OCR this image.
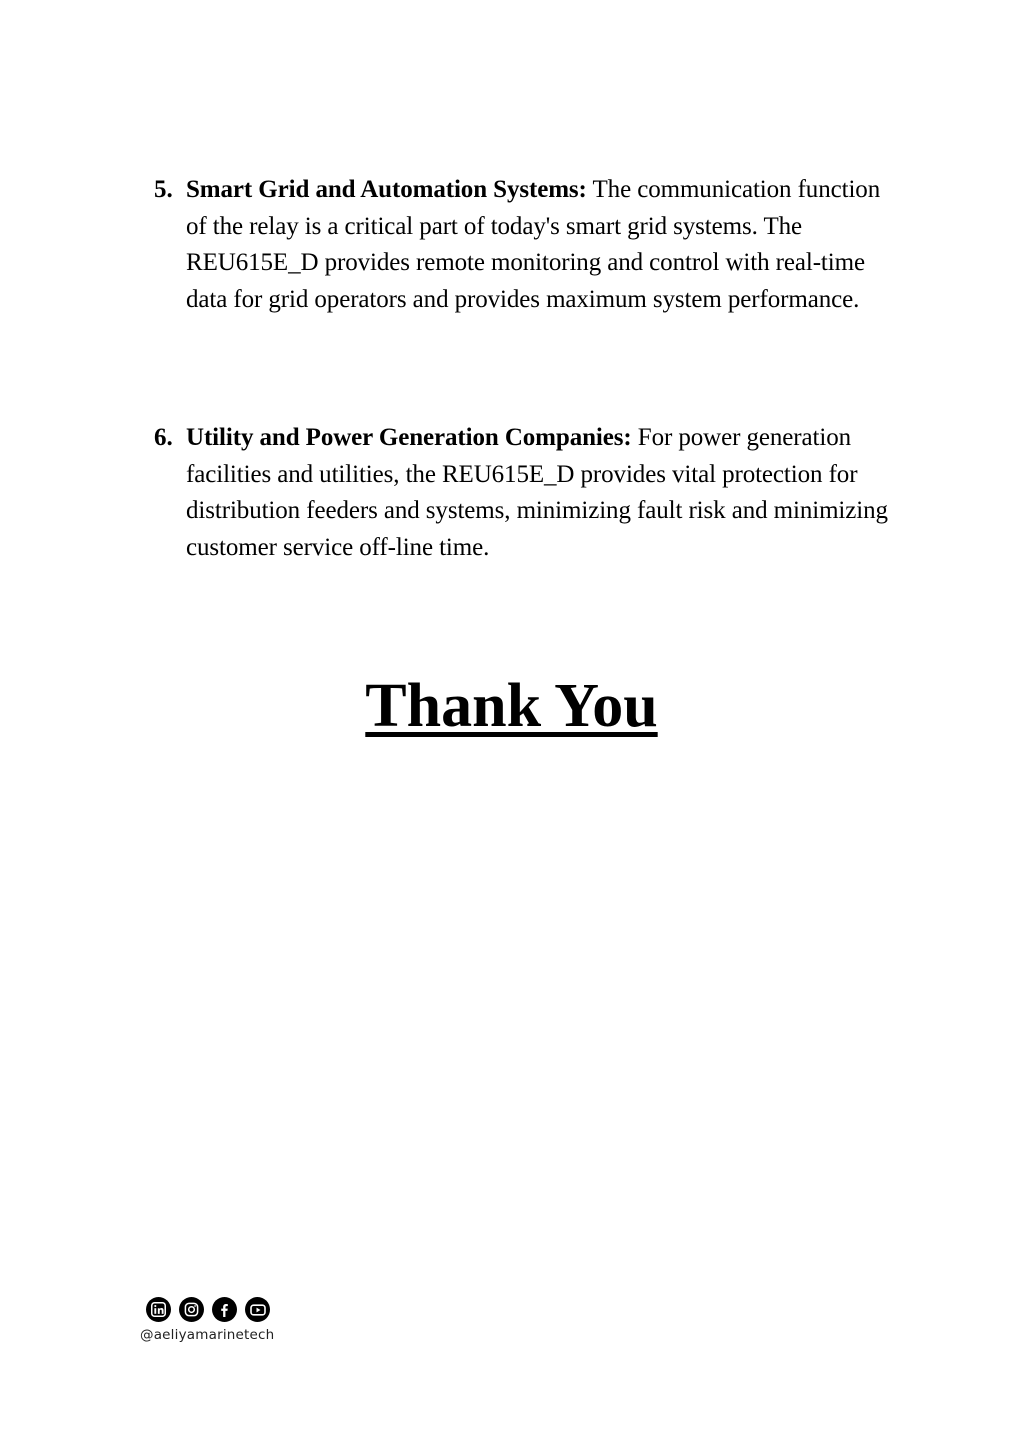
5. Smart Grid and Automation Systems: The communication function of the relay is a critical part of today's smart grid systems. The REU615E_D provides remote monitoring and control with real-time data for grid operators and provides maximum system performance.

6. Utility and Power Generation Companies: For power generation facilities and utilities, the REU615E_D provides vital protection for distribution feeders and systems, minimizing fault risk and minimizing customer service off-line time.

Thank You
@aeliyamarinetech
